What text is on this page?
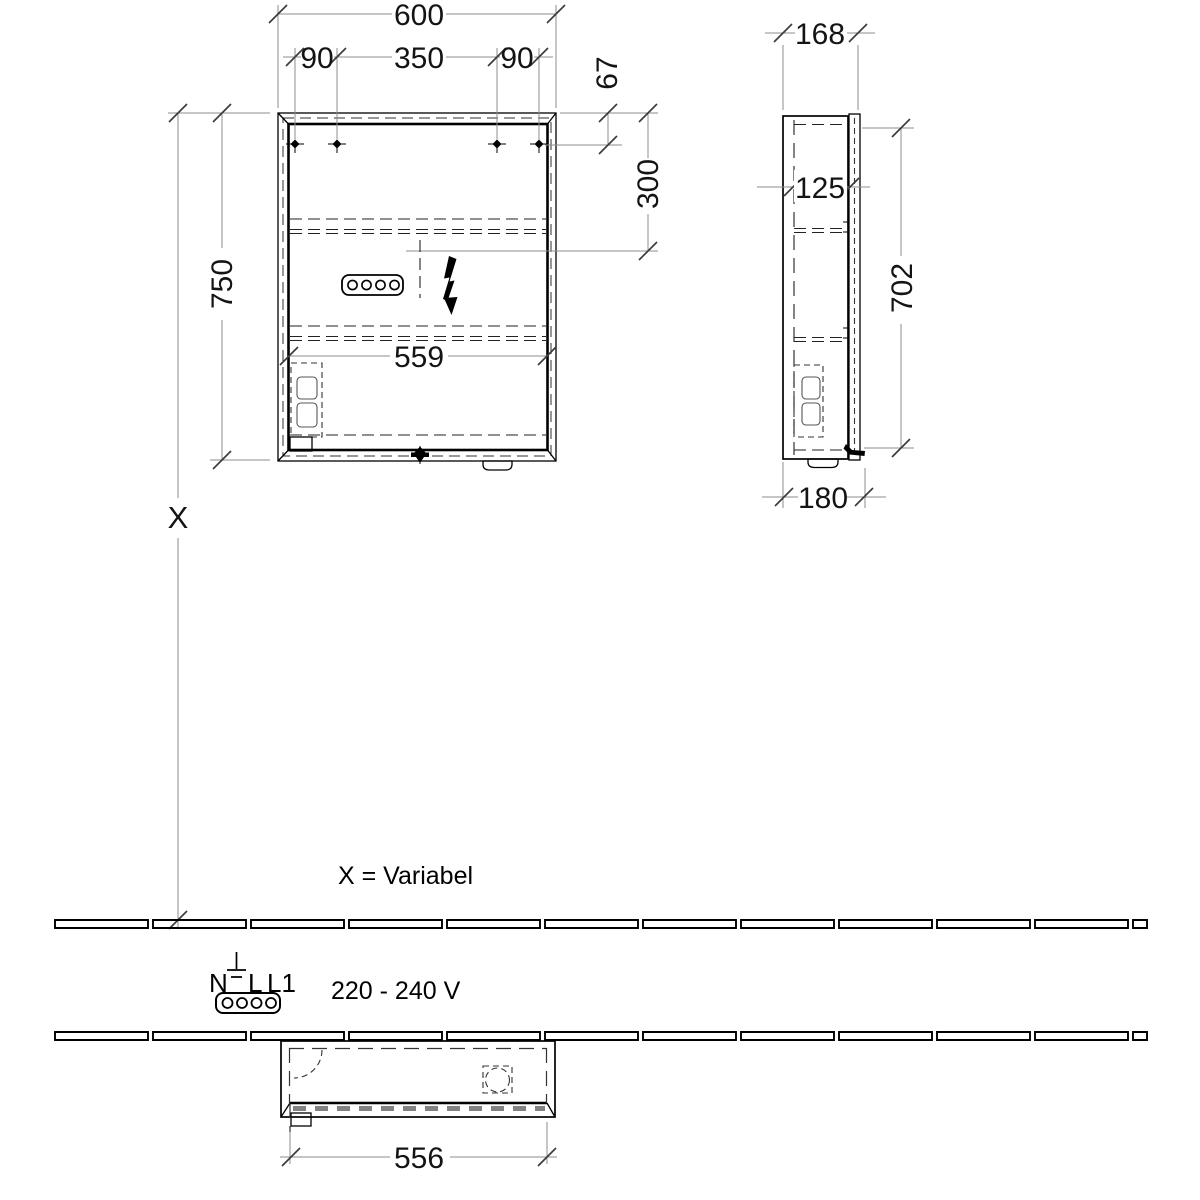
600
90 350 90 67
300
750
559
X
168
125
702
180
X = Variabel
N L L1 220 - 240 V
556
